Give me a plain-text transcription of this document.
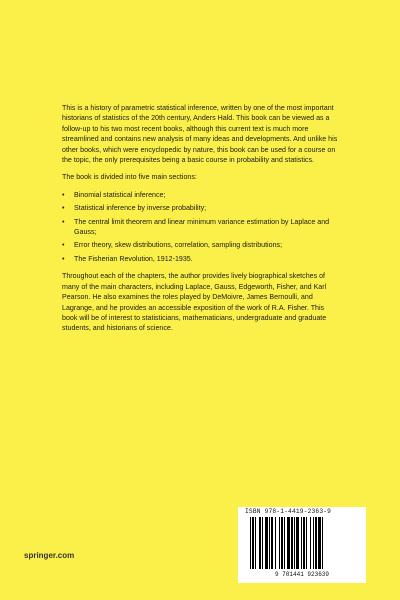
This is a history of parametric statistical inference, written by one of the most important historians of statistics of the 20th century, Anders Hald. This book can be viewed as a follow-up to his two most recent books, although this current text is much more streamlined and contains new analysis of many ideas and developments. And unlike his other books, which were encyclopedic by nature, this book can be used for a course on the topic, the only prerequisites being a basic course in probability and statistics.

The book is divided into five main sections:

• Binomial statistical inference;
• Statistical inference by inverse probability;
• The central limit theorem and linear minimum variance estimation by Laplace and Gauss;
• Error theory, skew distributions, correlation, sampling distributions;
• The Fisherian Revolution, 1912-1935.

Throughout each of the chapters, the author provides lively biographical sketches of many of the main characters, including Laplace, Gauss, Edgeworth, Fisher, and Karl Pearson. He also examines the roles played by DeMoivre, James Bernoulli, and Lagrange, and he provides an accessible exposition of the work of R.A. Fisher. This book will be of interest to statisticians, mathematicians, undergraduate and graduate students, and historians of science.

springer.com
ISBN 978-1-4419-2363-9
9 781441 923639
